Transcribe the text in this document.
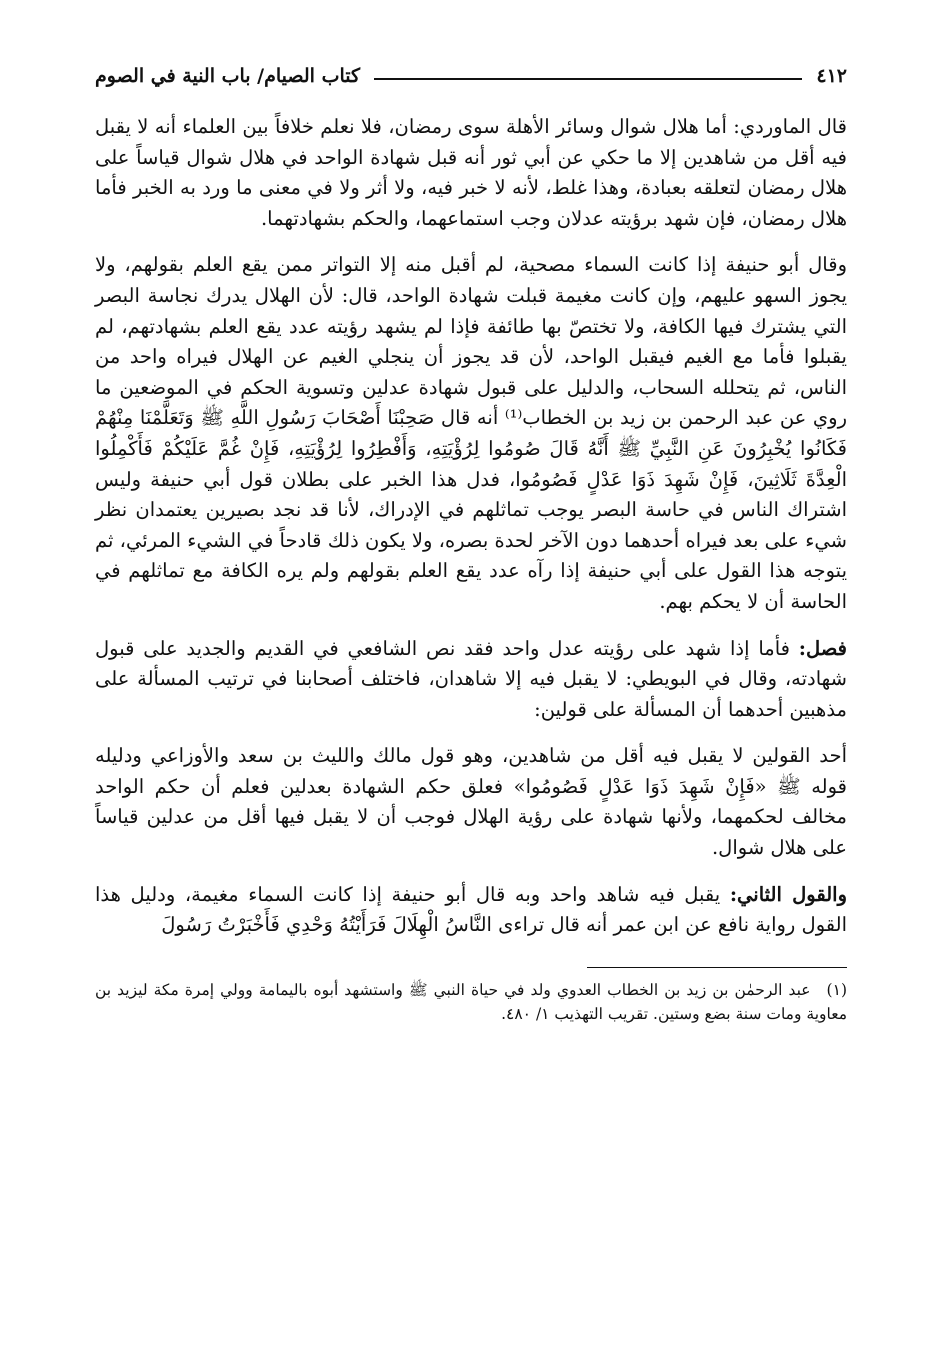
٤١٢
كتاب الصيام/ باب النية في الصوم

قال الماوردي: أما هلال شوال وسائر الأهلة سوى رمضان، فلا نعلم خلافاً بين العلماء أنه لا يقبل فيه أقل من شاهدين إلا ما حكي عن أبي ثور أنه قبل شهادة الواحد في هلال شوال قياساً على هلال رمضان لتعلقه بعبادة، وهذا غلط، لأنه لا خبر فيه، ولا أثر ولا في معنى ما ورد به الخبر فأما هلال رمضان، فإن شهد برؤيته عدلان وجب استماعهما، والحكم بشهادتهما.

وقال أبو حنيفة إذا كانت السماء مصحية، لم أقبل منه إلا التواتر ممن يقع العلم بقولهم، ولا يجوز السهو عليهم، وإن كانت مغيمة قبلت شهادة الواحد، قال: لأن الهلال يدرك نجاسة البصر التي يشترك فيها الكافة، ولا تختصّ بها طائفة فإذا لم يشهد رؤيته عدد يقع العلم بشهادتهم، لم يقبلوا فأما مع الغيم فيقبل الواحد، لأن قد يجوز أن ينجلي الغيم عن الهلال فيراه واحد من الناس، ثم يتحلله السحاب، والدليل على قبول شهادة عدلين وتسوية الحكم في الموضعين ما روي عن عبد الرحمن بن زيد بن الخطاب⁽¹⁾ أنه قال صَحِبْنَا أَصْحَابَ رَسُولِ اللَّهِ ﷺ وَتَعَلَّمْنَا مِنْهُمْ فَكَانُوا يُخْبِرُونَ عَنِ النَّبِيِّ ﷺ أَنَّهُ قَالَ صُومُوا لِرُؤْيَتِهِ، وَأَفْطِرُوا لِرُؤْيَتِهِ، فَإِنْ غُمَّ عَلَيْكُمْ فَأَكْمِلُوا الْعِدَّةَ ثَلَاثِينَ، فَإِنْ شَهِدَ ذَوَا عَدْلٍ فَصُومُوا، فدل هذا الخبر على بطلان قول أبي حنيفة وليس اشتراك الناس في حاسة البصر يوجب تماثلهم في الإدراك، لأنا قد نجد بصيرين يعتمدان نظر شيء على بعد فيراه أحدهما دون الآخر لحدة بصره، ولا يكون ذلك قادحاً في الشيء المرئي، ثم يتوجه هذا القول على أبي حنيفة إذا رآه عدد يقع العلم بقولهم ولم يره الكافة مع تماثلهم في الحاسة أن لا يحكم بهم.

فصل: فأما إذا شهد على رؤيته عدل واحد فقد نص الشافعي في القديم والجديد على قبول شهادته، وقال في البويطي: لا يقبل فيه إلا شاهدان، فاختلف أصحابنا في ترتيب المسألة على مذهبين أحدهما أن المسألة على قولين:

أحد القولين لا يقبل فيه أقل من شاهدين، وهو قول مالك والليث بن سعد والأوزاعي ودليله قوله ﷺ «فَإِنْ شَهِدَ ذَوَا عَدْلٍ فَصُومُوا» فعلق حكم الشهادة بعدلين فعلم أن حكم الواحد مخالف لحكمهما، ولأنها شهادة على رؤية الهلال فوجب أن لا يقبل فيها أقل من عدلين قياساً على هلال شوال.

والقول الثاني: يقبل فيه شاهد واحد وبه قال أبو حنيفة إذا كانت السماء مغيمة، ودليل هذا القول رواية نافع عن ابن عمر أنه قال تراءى النَّاسُ الْهِلَالَ فَرَأَيْتُهُ وَحْدِي فَأَخْبَرْتُ رَسُولَ

(١) عبد الرحمٰن بن زيد بن الخطاب العدوي ولد في حياة النبي ﷺ واستشهد أبوه باليمامة وولي إمرة مكة ليزيد بن معاوية ومات سنة بضع وستين. تقريب التهذيب ١/ ٤٨٠.
